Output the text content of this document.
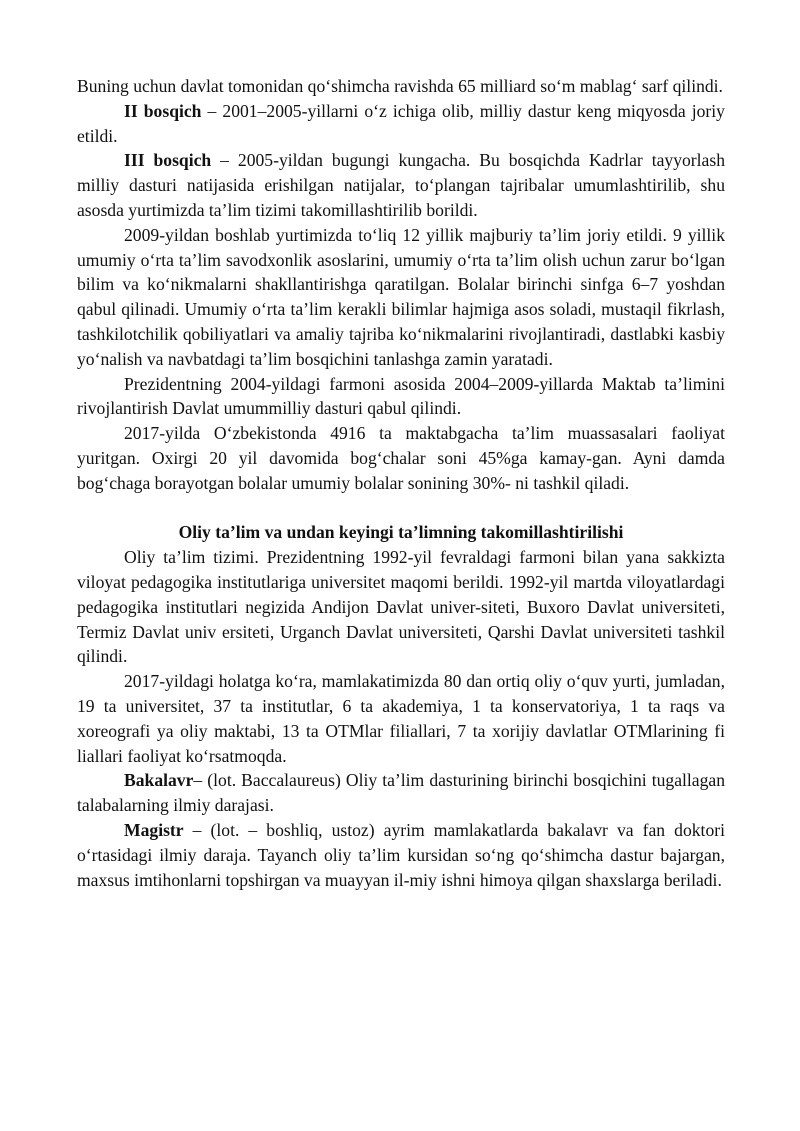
Buning uchun davlat tomonidan qo‘shimcha ravishda 65 milliard so‘m mablag‘ sarf qilindi.

II bosqich – 2001–2005-yillarni o‘z ichiga olib, milliy dastur keng miqyosda joriy etildi.

III bosqich – 2005-yildan bugungi kungacha. Bu bosqichda Kadrlar tayyorlash milliy dasturi natijasida erishilgan natijalar, to‘plangan tajribalar umumlashtirilib, shu asosda yurtimizda ta’lim tizimi takomillashtirilib borildi.

2009-yildan boshlab yurtimizda to‘liq 12 yillik majburiy ta’lim joriy etildi. 9 yillik umumiy o‘rta ta’lim savodxonlik asoslarini, umumiy o‘rta ta’lim olish uchun zarur bo‘lgan bilim va ko‘nikmalarni shakllantirishga qaratilgan. Bolalar birinchi sinfga 6–7 yoshdan qabul qilinadi. Umumiy o‘rta ta’lim kerakli bilimlar hajmiga asos soladi, mustaqil fikrlash, tashkilotchilik qobiliyatlari va amaliy tajriba ko‘nikmalarini rivojlantiradi, dastlabki kasbiy yo‘nalish va navbatdagi ta’lim bosqichini tanlashga zamin yaratadi.

Prezidentning 2004-yildagi farmoni asosida 2004–2009-yillarda Maktab ta’limini rivojlantirish Davlat umummilliy dasturi qabul qilindi.

2017-yilda O‘zbekistonda 4916 ta maktabgacha ta’lim muassasalari faoliyat yuritgan. Oxirgi 20 yil davomida bog‘chalar soni 45%ga kamay-gan. Ayni damda bog‘chaga borayotgan bolalar umumiy bolalar sonining 30%- ni tashkil qiladi.

Oliy ta’lim va undan keyingi ta’limning takomillashtirilishi

Oliy ta’lim tizimi. Prezidentning 1992-yil fevraldagi farmoni bilan yana sakkizta viloyat pedagogika institutlariga universitet maqomi berildi. 1992-yil martda viloyatlardagi pedagogika institutlari negizida Andijon Davlat univer-siteti, Buxoro Davlat universiteti, Termiz Davlat univ ersiteti, Urganch Davlat universiteti, Qarshi Davlat universiteti tashkil qilindi.

2017-yildagi holatga ko‘ra, mamlakatimizda 80 dan ortiq oliy o‘quv yurti, jumladan, 19 ta universitet, 37 ta institutlar, 6 ta akademiya, 1 ta konservatoriya, 1 ta raqs va xoreografi ya oliy maktabi, 13 ta OTMlar filiallari, 7 ta xorijiy davlatlar OTMlarining fi liallari faoliyat ko‘rsatmoqda.

Bakalavr– (lot. Baccalaureus) Oliy ta’lim dasturining birinchi bosqichini tugallagan talabalarning ilmiy darajasi.

Magistr – (lot. – boshliq, ustoz) ayrim mamlakatlarda bakalavr va fan doktori o‘rtasidagi ilmiy daraja. Tayanch oliy ta’lim kursidan so‘ng qo‘shimcha dastur bajargan, maxsus imtihonlarni topshirgan va muayyan il-miy ishni himoya qilgan shaxslarga beriladi.
